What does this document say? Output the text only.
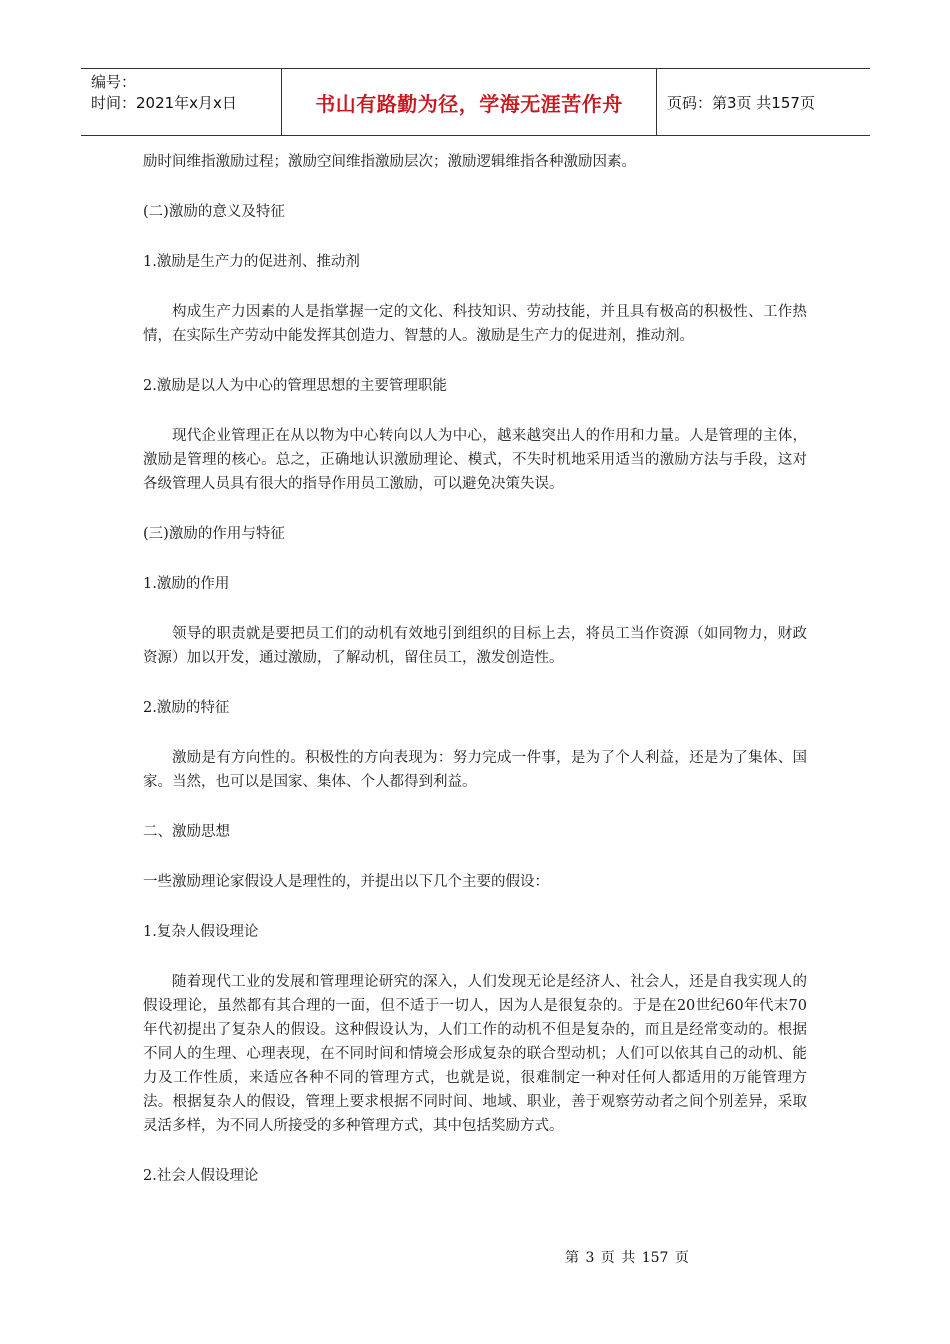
编号：
时间：2021年x月x日	书山有路勤为径，学海无涯苦作舟	页码：第3页 共157页

励时间维指激励过程；激励空间维指激励层次；激励逻辑维指各种激励因素。

(二)激励的意义及特征

1.激励是生产力的促进剂、推动剂

构成生产力因素的人是指掌握一定的文化、科技知识、劳动技能，并且具有极高的积极性、工作热情，在实际生产劳动中能发挥其创造力、智慧的人。激励是生产力的促进剂，推动剂。

2.激励是以人为中心的管理思想的主要管理职能

现代企业管理正在从以物为中心转向以人为中心，越来越突出人的作用和力量。人是管理的主体，激励是管理的核心。总之，正确地认识激励理论、模式，不失时机地采用适当的激励方法与手段，这对各级管理人员具有很大的指导作用员工激励，可以避免决策失误。

(三)激励的作用与特征

1.激励的作用

领导的职责就是要把员工们的动机有效地引到组织的目标上去，将员工当作资源（如同物力，财政资源）加以开发，通过激励，了解动机，留住员工，激发创造性。

2.激励的特征

激励是有方向性的。积极性的方向表现为：努力完成一件事，是为了个人利益，还是为了集体、国家。当然，也可以是国家、集体、个人都得到利益。

二、激励思想

一些激励理论家假设人是理性的，并提出以下几个主要的假设：

1.复杂人假设理论

随着现代工业的发展和管理理论研究的深入，人们发现无论是经济人、社会人，还是自我实现人的假设理论，虽然都有其合理的一面，但不适于一切人，因为人是很复杂的。于是在20世纪60年代末70年代初提出了复杂人的假设。这种假设认为，人们工作的动机不但是复杂的，而且是经常变动的。根据不同人的生理、心理表现，在不同时间和情境会形成复杂的联合型动机；人们可以依其自己的动机、能力及工作性质，来适应各种不同的管理方式，也就是说，很难制定一种对任何人都适用的万能管理方法。根据复杂人的假设，管理上要求根据不同时间、地域、职业，善于观察劳动者之间个别差异，采取灵活多样，为不同人所接受的多种管理方式，其中包括奖励方式。

2.社会人假设理论

第 3 页 共 157 页
